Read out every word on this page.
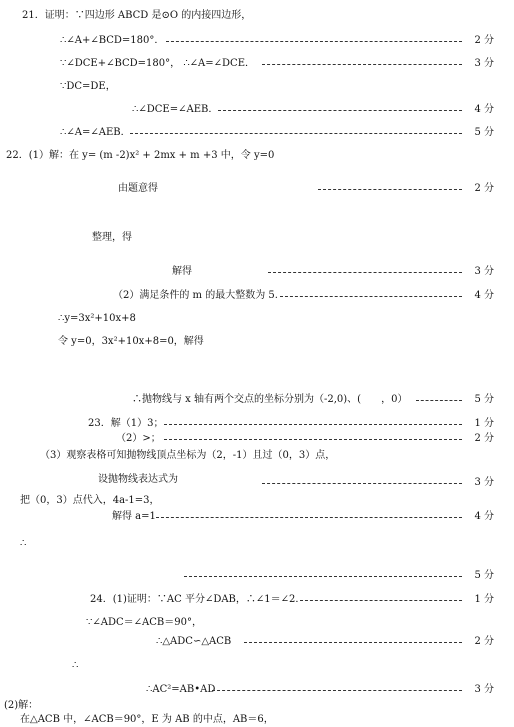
21．证明：∵四边形 ABCD 是⊙O 的内接四边形，
∴∠A+∠BCD=180°．	2 分
∵∠DCE+∠BCD=180°， ∴∠A=∠DCE．	3 分
∵DC=DE，
∴∠DCE=∠AEB．	4 分
∴∠A=∠AEB．	5 分
22．(1）解：在 y= (m -2)x² + 2mx + m +3 中，令 y=0
由题意得	2 分
整理，得
解得	3 分
（2）满足条件的 m 的最大整数为 5.	4 分
∴y=3x²+10x+8
令 y=0，3x²+10x+8=0，解得
∴抛物线与 x 轴有两个交点的坐标分别为（-2,0)、(　　，0）	5 分
23．解（1）3；	1 分
（2）>；	2 分
（3）观察表格可知抛物线顶点坐标为（2，-1）且过（0，3）点，
设抛物线表达式为	3 分
把（0，3）点代入，4a-1=3，
解得 a=1	4 分
∴
5 分
24．(1)证明：∵AC 平分∠DAB，∴∠1＝∠2．	1 分
∵∠ADC＝∠ACB＝90°，
∴△ADC∽△ACB	2 分
∴
∴AC²=AB•AD	3 分
(2)解：
在△ACB 中，∠ACB＝90°，E 为 AB 的中点，AB＝6，
